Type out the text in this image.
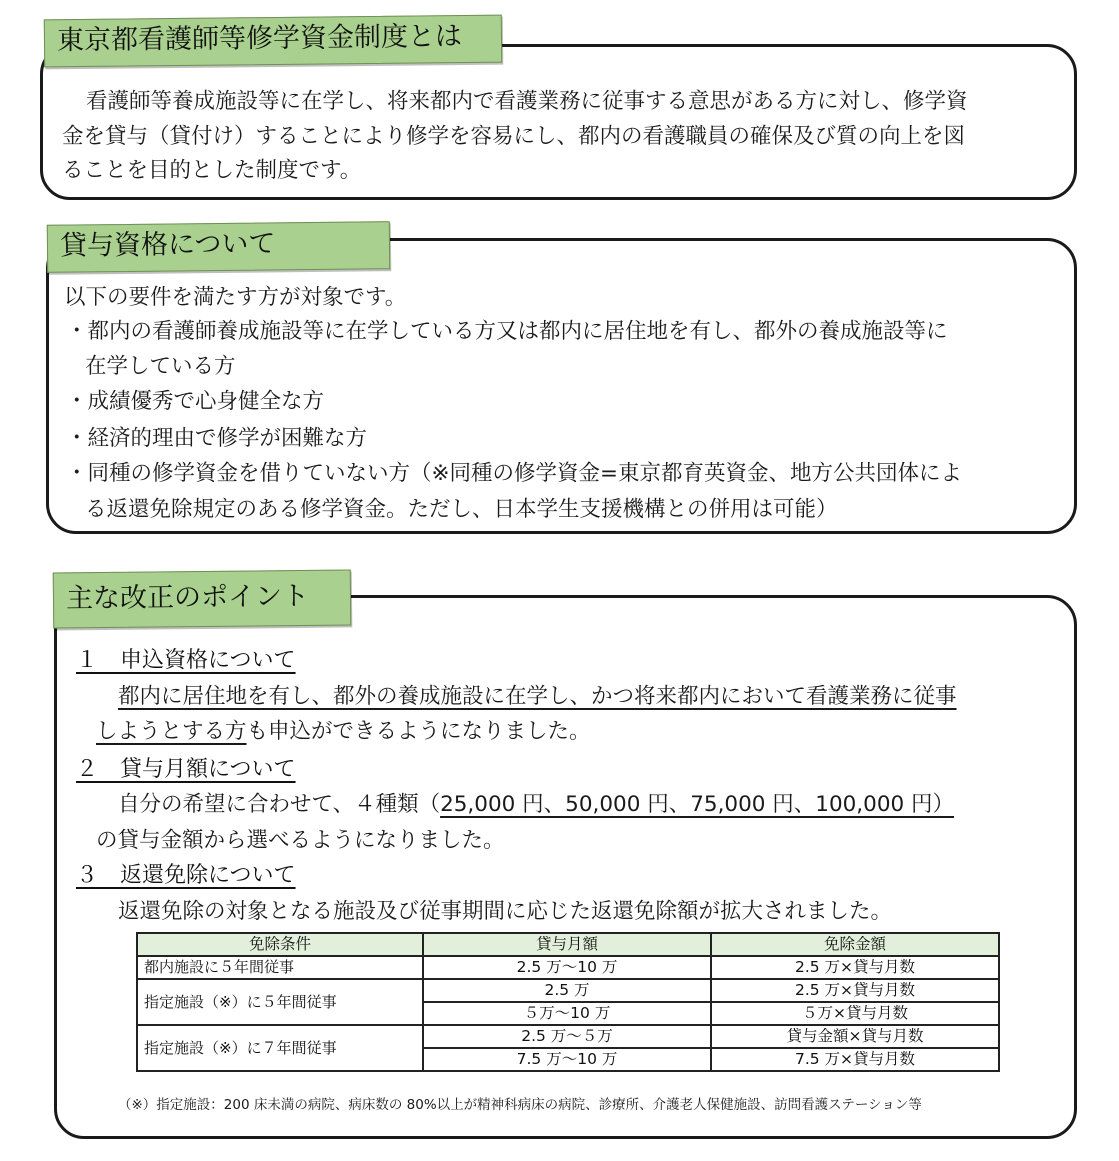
東京都看護師等修学資金制度とは
看護師等養成施設等に在学し、将来都内で看護業務に従事する意思がある方に対し、修学資
金を貸与（貸付け）することにより修学を容易にし、都内の看護職員の確保及び質の向上を図
ることを目的とした制度です。
貸与資格について
以下の要件を満たす方が対象です。
・都内の看護師養成施設等に在学している方又は都内に居住地を有し、都外の養成施設等に
在学している方
・成績優秀で心身健全な方
・経済的理由で修学が困難な方
・同種の修学資金を借りていない方（※同種の修学資金=東京都育英資金、地方公共団体によ
る返還免除規定のある修学資金。ただし、日本学生支援機構との併用は可能）
主な改正のポイント
１　申込資格について
都内に居住地を有し、都外の養成施設に在学し、かつ将来都内において看護業務に従事
しようとする方も申込ができるようになりました。
２　貸与月額について
自分の希望に合わせて、４種類（25,000 円、50,000 円、75,000 円、100,000 円）
の貸与金額から選べるようになりました。
３　返還免除について
返還免除の対象となる施設及び従事期間に応じた返還免除額が拡大されました。
免除条件	貸与月額	免除金額
都内施設に５年間従事	2.5 万〜10 万	2.5 万×貸与月数
指定施設（※）に５年間従事	2.5 万	2.5 万×貸与月数
	５万〜10 万	５万×貸与月数
指定施設（※）に７年間従事	2.5 万〜５万	貸与金額×貸与月数
	7.5 万〜10 万	7.5 万×貸与月数
（※）指定施設：200 床未満の病院、病床数の 80%以上が精神科病床の病院、診療所、介護老人保健施設、訪問看護ステーション等
